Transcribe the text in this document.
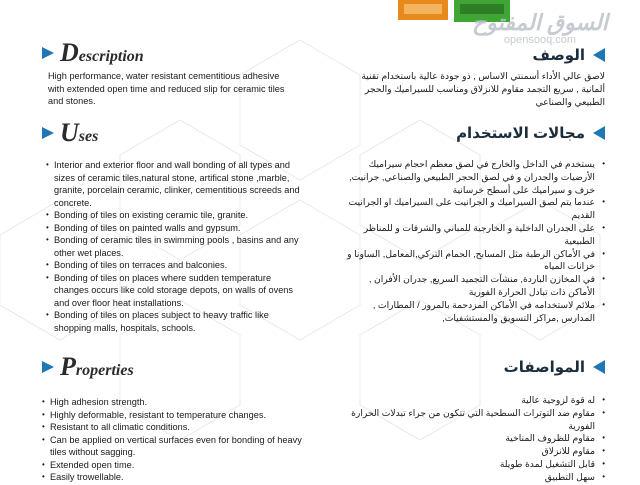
السوق المفتوح
opensooq.com
Description
High performance, water resistant cementitious adhesive with extended open time and reduced slip for ceramic tiles and stones.
Uses
• Interior and exterior floor and wall bonding of all types and sizes of ceramic tiles,natural stone, artifical stone ,marble, granite, porcelain ceramic, clinker, cementitious screeds and concrete.
• Bonding of tiles on existing ceramic tile, granite.
• Bonding of tiles on painted walls and gypsum.
• Bonding of ceramic tiles in swimming pools , basins and any other wet places.
• Bonding of tiles on terraces and balconies.
• Bonding of tiles on places where sudden temperature changes occurs like cold storage depots, on walls of ovens and over floor heat installations.
• Bonding of tiles on places subject to heavy traffic like shopping malls, hospitals, schools.
Properties
• High adhesion strength.
• Highly deformable, resistant to temperature changes.
• Resistant to all climatic conditions.
• Can be applied on vertical surfaces even for bonding of heavy tiles without sagging.
• Extended open time.
• Easily trowellable.
الوصف
لاصق عالي الأداء أسمنتي الاساس , ذو جودة عالية باستخدام تقنية ألمانية , سريع التجمد مقاوم للانزلاق ومناسب للسيراميك والحجر الطبيعي والصناعي
مجالات الاستخدام
• يستخدم في الداخل والخارج في لصق معظم احجام سيراميك الأرضيات والجدران و في لصق الحجر الطبيعي والصناعي, جرانيت, خزف و سيراميك على أسطح خرسانية
• عندما يتم لصق السيراميك و الجرانيت على السيراميك او الجرانيت القديم
• على الجدران الداخلية و الخارجية للمباني والشرفات و للمناظر الطبيعية
• في الأماكن الرطبة مثل المسابح, الحمام التركي,المعامل, الساونا و خزانات المياه
• في المخازن الباردة, منشآت التجميد السريع, جدران الأفران , الأماكن ذات تبادل الحرارة الفورية
• ملائم لاستخدامه في الأماكن المزدحمة بالمرور / المطارات , المدارس ,مراكز التسويق والمستشفيات,
المواصفات
• له قوة لزوجية عالية
• مقاوم ضد التوترات السطحية التي تتكون من جراء تبدلات الحرارة الفورية
• مقاوم للظروف المناخية
• مقاوم للانزلاق
• قابل التشغيل لمدة طويلة
• سهل التطبيق
